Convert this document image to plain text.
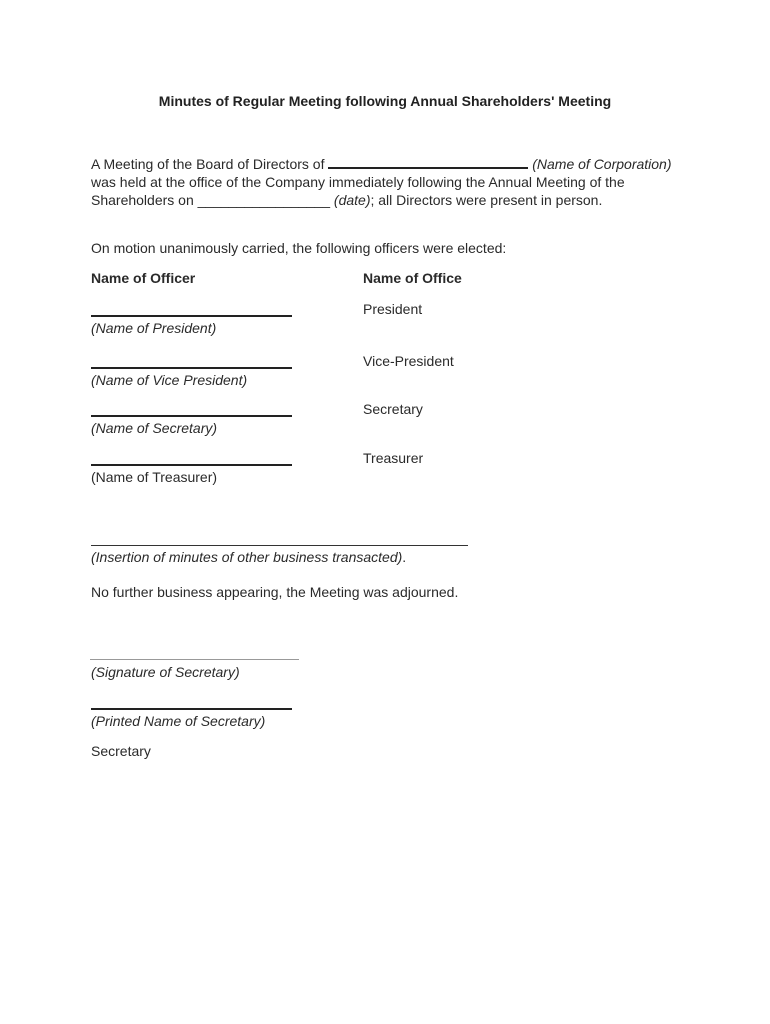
Minutes of Regular Meeting following Annual Shareholders' Meeting
A Meeting of the Board of Directors of	(Name of Corporation) was held at the office of the Company immediately following the Annual Meeting of the Shareholders on _________________ (date); all Directors were present in person.
On motion unanimously carried, the following officers were elected:
Name of Officer	Name of Office
(Name of President)
President
(Name of Vice President)
Vice-President
(Name of Secretary)
Secretary
(Name of Treasurer)
Treasurer
(Insertion of minutes of other business transacted).
No further business appearing, the Meeting was adjourned.
(Signature of Secretary)
(Printed Name of Secretary)
Secretary
